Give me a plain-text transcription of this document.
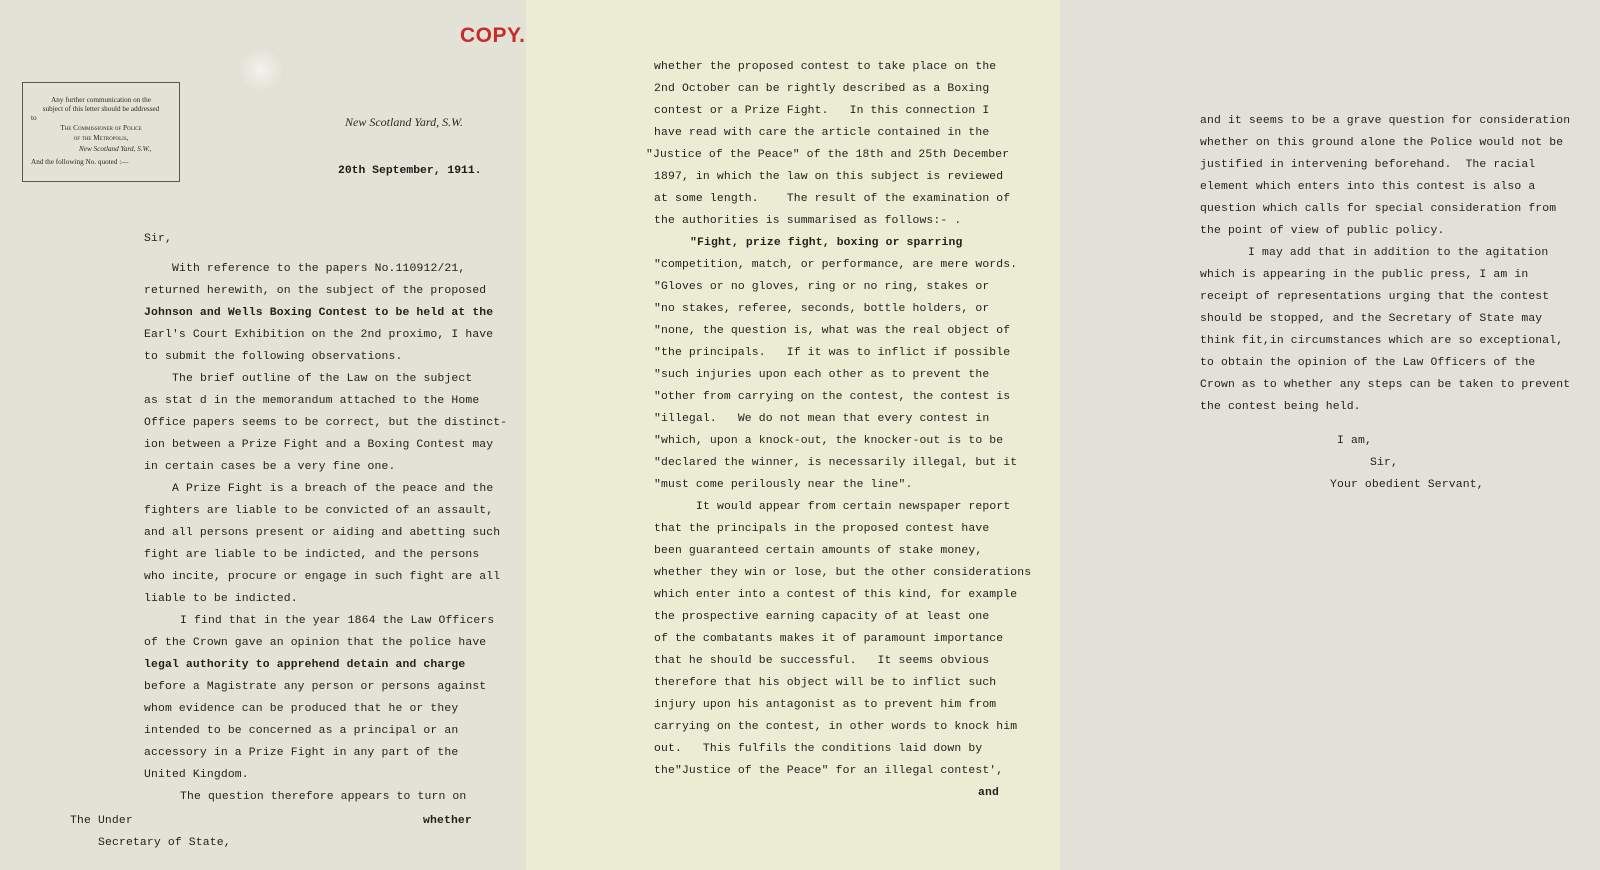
COPY.
Any further communication on the
subject of this letter should be addressed
to
The Commissioner of Police
of the Metropolis,
New Scotland Yard, S.W.,
And the following No. quoted :—
New Scotland Yard, S.W.
20th September, 1911.
Sir,
With reference to the papers No.110912/21,
returned herewith, on the subject of the proposed
Johnson and Wells Boxing Contest to be held at the
Earl's Court Exhibition on the 2nd proximo, I have
to submit the following observations.
The brief outline of the Law on the subject
as stat d in the memorandum attached to the Home
Office papers seems to be correct, but the distinct-
ion between a Prize Fight and a Boxing Contest may
in certain cases be a very fine one.
A Prize Fight is a breach of the peace and the
fighters are liable to be convicted of an assault,
and all persons present or aiding and abetting such
fight are liable to be indicted, and the persons
who incite, procure or engage in such fight are all
liable to be indicted.
I find that in the year 1864 the Law Officers
of the Crown gave an opinion that the police have
legal authority to apprehend detain and charge
before a Magistrate any person or persons against
whom evidence can be produced that he or they
intended to be concerned as a principal or an
accessory in a Prize Fight in any part of the
United Kingdom.
The question therefore appears to turn on
The Under	whether
Secretary of State,
whether the proposed contest to take place on the
2nd October can be rightly described as a Boxing
contest or a Prize Fight.   In this connection I
have read with care the article contained in the
"Justice of the Peace" of the 18th and 25th December
1897, in which the law on this subject is reviewed
at some length.    The result of the examination of
the authorities is summarised as follows:- .
"Fight, prize fight, boxing or sparring
"competition, match, or performance, are mere words.
"Gloves or no gloves, ring or no ring, stakes or
"no stakes, referee, seconds, bottle holders, or
"none, the question is, what was the real object of
"the principals.   If it was to inflict if possible
"such injuries upon each other as to prevent the
"other from carrying on the contest, the contest is
"illegal.   We do not mean that every contest in
"which, upon a knock-out, the knocker-out is to be
"declared the winner, is necessarily illegal, but it
"must come perilously near the line".
It would appear from certain newspaper report
that the principals in the proposed contest have
been guaranteed certain amounts of stake money,
whether they win or lose, but the other considerations
which enter into a contest of this kind, for example
the prospective earning capacity of at least one
of the combatants makes it of paramount importance
that he should be successful.   It seems obvious
therefore that his object will be to inflict such
injury upon his antagonist as to prevent him from
carrying on the contest, in other words to knock him
out.   This fulfils the conditions laid down by
the"Justice of the Peace" for an illegal contest',
and
and it seems to be a grave question for consideration
whether on this ground alone the Police would not be
justified in intervening beforehand.  The racial
element which enters into this contest is also a
question which calls for special consideration from
the point of view of public policy.
I may add that in addition to the agitation
which is appearing in the public press, I am in
receipt of representations urging that the contest
should be stopped, and the Secretary of State may
think fit,in circumstances which are so exceptional,
to obtain the opinion of the Law Officers of the
Crown as to whether any steps can be taken to prevent
the contest being held.
I am,
Sir,
Your obedient Servant,
